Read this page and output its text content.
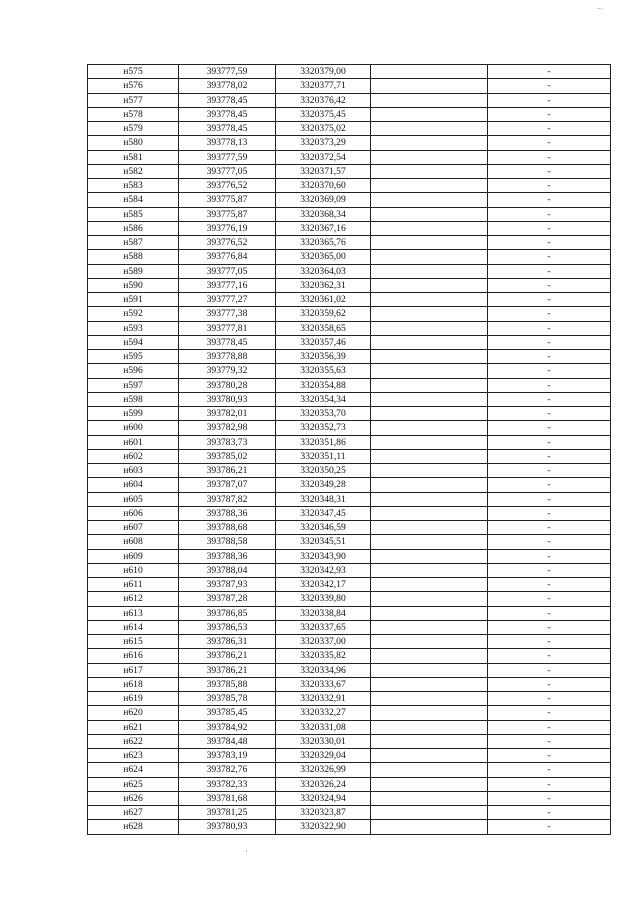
...
н575	393777,59	3320379,00		-
н576	393778,02	3320377,71		-
н577	393778,45	3320376,42		-
н578	393778,45	3320375,45		-
н579	393778,45	3320375,02		-
н580	393778,13	3320373,29		-
н581	393777,59	3320372,54		-
н582	393777,05	3320371,57		-
н583	393776,52	3320370,60		-
н584	393775,87	3320369,09		-
н585	393775,87	3320368,34		-
н586	393776,19	3320367,16		-
н587	393776,52	3320365,76		-
н588	393776,84	3320365,00		-
н589	393777,05	3320364,03		-
н590	393777,16	3320362,31		-
н591	393777,27	3320361,02		-
н592	393777,38	3320359,62		-
н593	393777,81	3320358,65		-
н594	393778,45	3320357,46		-
н595	393778,88	3320356,39		-
н596	393779,32	3320355,63		-
н597	393780,28	3320354,88		-
н598	393780,93	3320354,34		-
н599	393782,01	3320353,70		-
н600	393782,98	3320352,73		-
н601	393783,73	3320351,86		-
н602	393785,02	3320351,11		-
н603	393786,21	3320350,25		-
н604	393787,07	3320349,28		-
н605	393787,82	3320348,31		-
н606	393788,36	3320347,45		-
н607	393788,68	3320346,59		-
н608	393788,58	3320345,51		-
н609	393788,36	3320343,90		-
н610	393788,04	3320342,93		-
н611	393787,93	3320342,17		-
н612	393787,28	3320339,80		-
н613	393786,85	3320338,84		-
н614	393786,53	3320337,65		-
н615	393786,31	3320337,00		-
н616	393786,21	3320335,82		-
н617	393786,21	3320334,96		-
н618	393785,88	3320333,67		-
н619	393785,78	3320332,91		-
н620	393785,45	3320332,27		-
н621	393784,92	3320331,08		-
н622	393784,48	3320330,01		-
н623	393783,19	3320329,04		-
н624	393782,76	3320326,99		-
н625	393782,33	3320326,24		-
н626	393781,68	3320324,94		-
н627	393781,25	3320323,87		-
н628	393780,93	3320322,90		-
